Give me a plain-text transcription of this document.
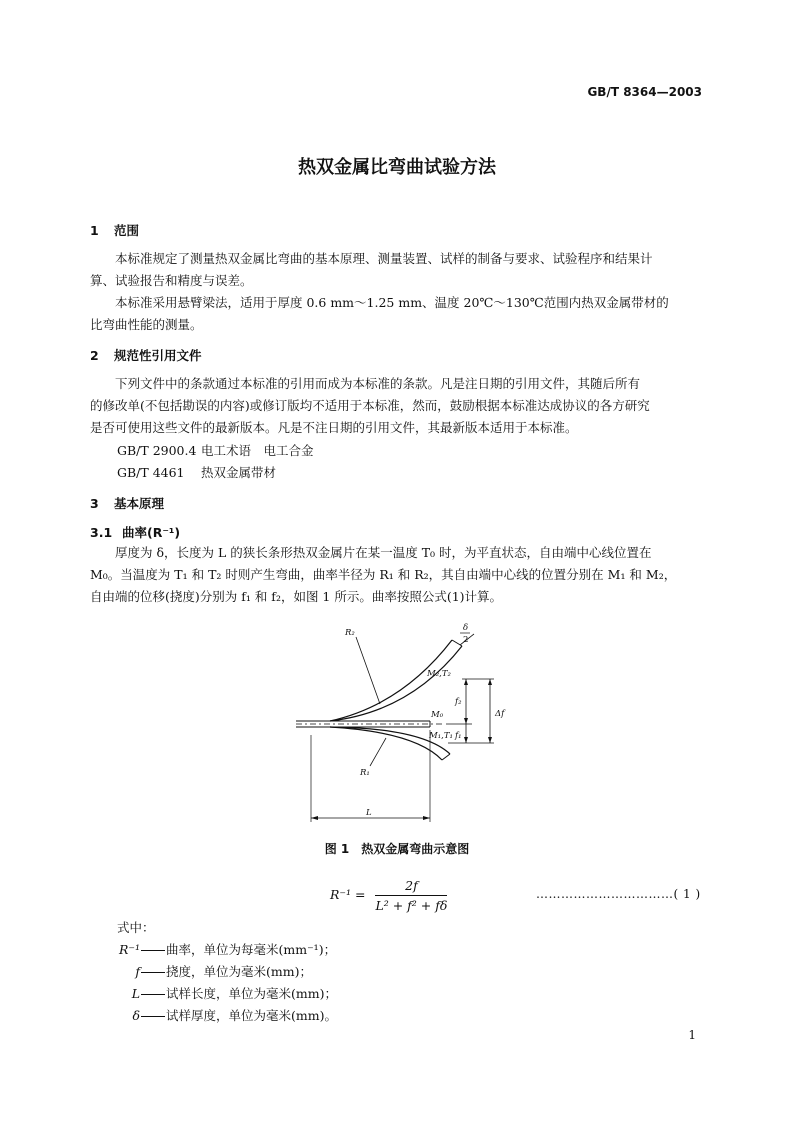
GB/T 8364—2003
热双金属比弯曲试验方法
1 范围
本标准规定了测量热双金属比弯曲的基本原理、测量装置、试样的制备与要求、试验程序和结果计
算、试验报告和精度与误差。
本标准采用悬臂梁法，适用于厚度 0.6 mm～1.25 mm、温度 20℃～130℃范围内热双金属带材的
比弯曲性能的测量。
2 规范性引用文件
下列文件中的条款通过本标准的引用而成为本标准的条款。凡是注日期的引用文件，其随后所有
的修改单(不包括勘误的内容)或修订版均不适用于本标准，然而，鼓励根据本标准达成协议的各方研究
是否可使用这些文件的最新版本。凡是不注日期的引用文件，其最新版本适用于本标准。
GB/T 2900.4 电工术语　电工合金
GB/T 4461 热双金属带材
3 基本原理
3.1 曲率(R⁻¹)
厚度为 δ，长度为 L 的狭长条形热双金属片在某一温度 T₀ 时，为平直状态，自由端中心线位置在
M₀。当温度为 T₁ 和 T₂ 时则产生弯曲，曲率半径为 R₁ 和 R₂，其自由端中心线的位置分别在 M₁ 和 M₂，
自由端的位移(挠度)分别为 f₁ 和 f₂，如图 1 所示。曲率按照公式(1)计算。
R₂
R₁
M₂,T₂
M₀
M₁,T₁
f₂
f₁
Δf
L
δ
2
图 1　热双金属弯曲示意图
$R^{-1} = \frac{2f}{\text{L² + f² + fδ}}$	……………………………( 1 )
式中：
R⁻¹ 曲率，单位为每毫米(mm⁻¹)；
f 挠度，单位为毫米(mm)；
L 试样长度，单位为毫米(mm)；
δ 试样厚度，单位为毫米(mm)。
1
